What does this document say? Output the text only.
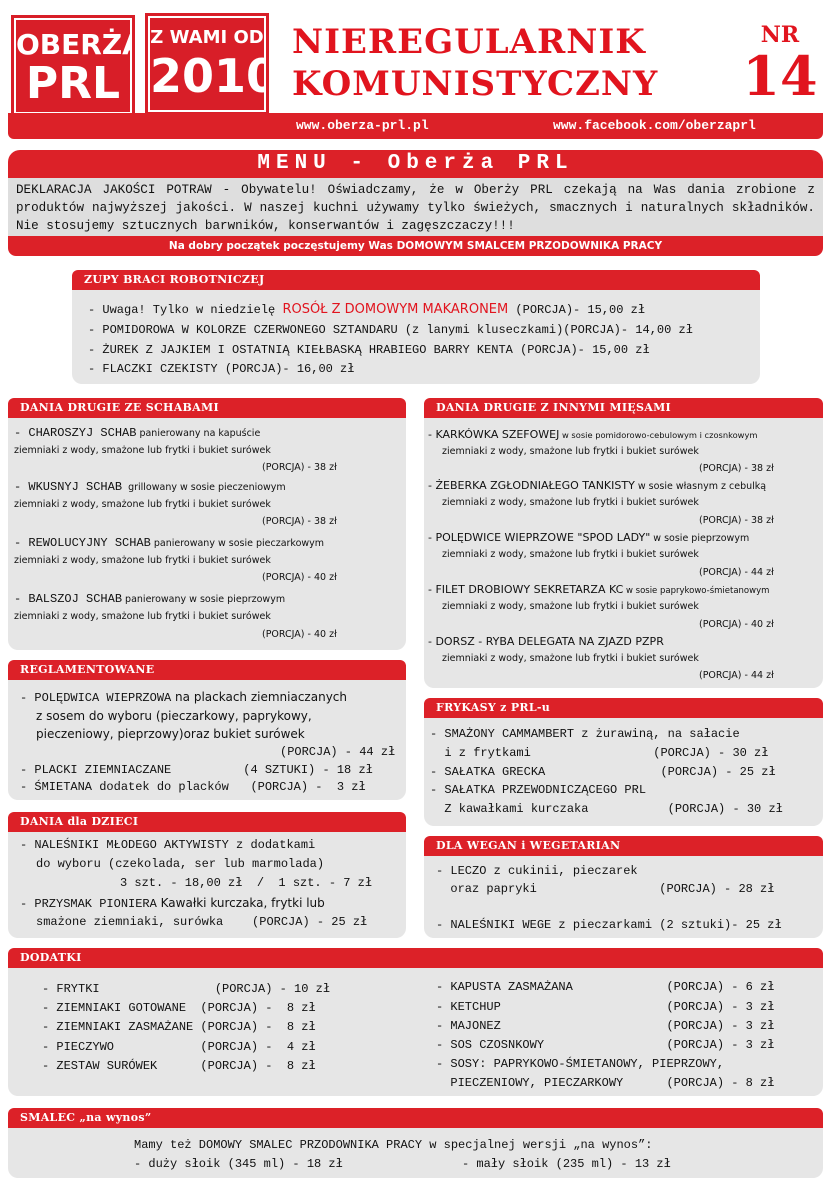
OBERŻA
PRL
Z WAMI OD
2010
NIEREGULARNIK
KOMUNISTYCZNY
NR
14
www.oberza-prl.pl	www.facebook.com/oberzaprl
MENU - Oberża PRL
DEKLARACJA JAKOŚCI POTRAW - Obywatelu! Oświadczamy, że w Oberży PRL czekają na Was dania zrobione z produktów najwyższej jakości. W naszej kuchni używamy tylko świeżych, smacznych i naturalnych składników. Nie stosujemy sztucznych barwników, konserwantów i zagęszczaczy!!!
Na dobry początek poczęstujemy Was DOMOWYM SMALCEM PRZODOWNIKA PRACY
ZUPY BRACI ROBOTNICZEJ
- Uwaga! Tylko w niedzielę ROSÓŁ Z DOMOWYM MAKARONEM (PORCJA)- 15,00 zł
- POMIDOROWA W KOLORZE CZERWONEGO SZTANDARU (z lanymi kluseczkami)(PORCJA)- 14,00 zł
- ŻUREK Z JAJKIEM I OSTATNIĄ KIEŁBASKĄ HRABIEGO BARRY KENTA (PORCJA)- 15,00 zł
- FLACZKI CZEKISTY (PORCJA)- 16,00 zł
DANIA DRUGIE ZE SCHABAMI
- CHAROSZYJ SCHAB panierowany na kapuście
ziemniaki z wody, smażone lub frytki i bukiet surówek
(PORCJA) - 38 zł
- WKUSNYJ SCHAB  grillowany w sosie pieczeniowym
ziemniaki z wody, smażone lub frytki i bukiet surówek
(PORCJA) - 38 zł
- REWOLUCYJNY SCHAB panierowany w sosie pieczarkowym
ziemniaki z wody, smażone lub frytki i bukiet surówek
(PORCJA) - 40 zł
- BALSZOJ SCHAB panierowany w sosie pieprzowym
ziemniaki z wody, smażone lub frytki i bukiet surówek
(PORCJA) - 40 zł
DANIA DRUGIE Z INNYMI MIĘSAMI
- KARKÓWKA SZEFOWEJ w sosie pomidorowo-cebulowym i czosnkowym
ziemniaki z wody, smażone lub frytki i bukiet surówek
(PORCJA) - 38 zł
- ŻEBERKA ZGŁODNIAŁEGO TANKISTY w sosie własnym z cebulką
ziemniaki z wody, smażone lub frytki i bukiet surówek
(PORCJA) - 38 zł
- POLĘDWICE WIEPRZOWE "SPOD LADY" w sosie pieprzowym
ziemniaki z wody, smażone lub frytki i bukiet surówek
(PORCJA) - 44 zł
- FILET DROBIOWY SEKRETARZA KC w sosie paprykowo-śmietanowym
ziemniaki z wody, smażone lub frytki i bukiet surówek
(PORCJA) - 40 zł
- DORSZ - RYBA DELEGATA NA ZJAZD PZPR
ziemniaki z wody, smażone lub frytki i bukiet surówek
(PORCJA) - 44 zł
REGLAMENTOWANE
- POLĘDWICA WIEPRZOWA na plackach ziemniaczanych
z sosem do wyboru (pieczarkowy, paprykowy,
pieczeniowy, pieprzowy)oraz bukiet surówek
(PORCJA) - 44 zł
- PLACKI ZIEMNIACZANE          (4 SZTUKI) - 18 zł
- ŚMIETANA dodatek do placków   (PORCJA) -  3 zł
FRYKASY z PRL-u
- SMAŻONY CAMMAMBERT z żurawiną, na sałacie
i z frytkami                 (PORCJA) - 30 zł
- SAŁATKA GRECKA                (PORCJA) - 25 zł
- SAŁATKA PRZEWODNICZĄCEGO PRL
Z kawałkami kurczaka           (PORCJA) - 30 zł
DANIA dla DZIECI
- NALEŚNIKI MŁODEGO AKTYWISTY z dodatkami
do wyboru (czekolada, ser lub marmolada)
3 szt. - 18,00 zł  /  1 szt. - 7 zł
- PRZYSMAK PIONIERA Kawałki kurczaka, frytki lub
smażone ziemniaki, surówka    (PORCJA) - 25 zł
DLA WEGAN i WEGETARIAN
- LECZO z cukinii, pieczarek
oraz papryki                 (PORCJA) - 28 zł
- NALEŚNIKI WEGE z pieczarkami (2 sztuki)- 25 zł
DODATKI
- FRYTKI                (PORCJA) - 10 zł
- ZIEMNIAKI GOTOWANE  (PORCJA) -  8 zł
- ZIEMNIAKI ZASMAŻANE (PORCJA) -  8 zł
- PIECZYWO            (PORCJA) -  4 zł
- ZESTAW SURÓWEK      (PORCJA) -  8 zł
- KAPUSTA ZASMAŻANA             (PORCJA) - 6 zł
- KETCHUP                       (PORCJA) - 3 zł
- MAJONEZ                       (PORCJA) - 3 zł
- SOS CZOSNKOWY                 (PORCJA) - 3 zł
- SOSY: PAPRYKOWO-ŚMIETANOWY, PIEPRZOWY,
PIECZENIOWY, PIECZARKOWY      (PORCJA) - 8 zł
SMALEC „na wynos”
Mamy też DOMOWY SMALEC PRZODOWNIKA PRACY w specjalnej wersji „na wynos”:
- duży słoik (345 ml) - 18 zł	- mały słoik (235 ml) - 13 zł
